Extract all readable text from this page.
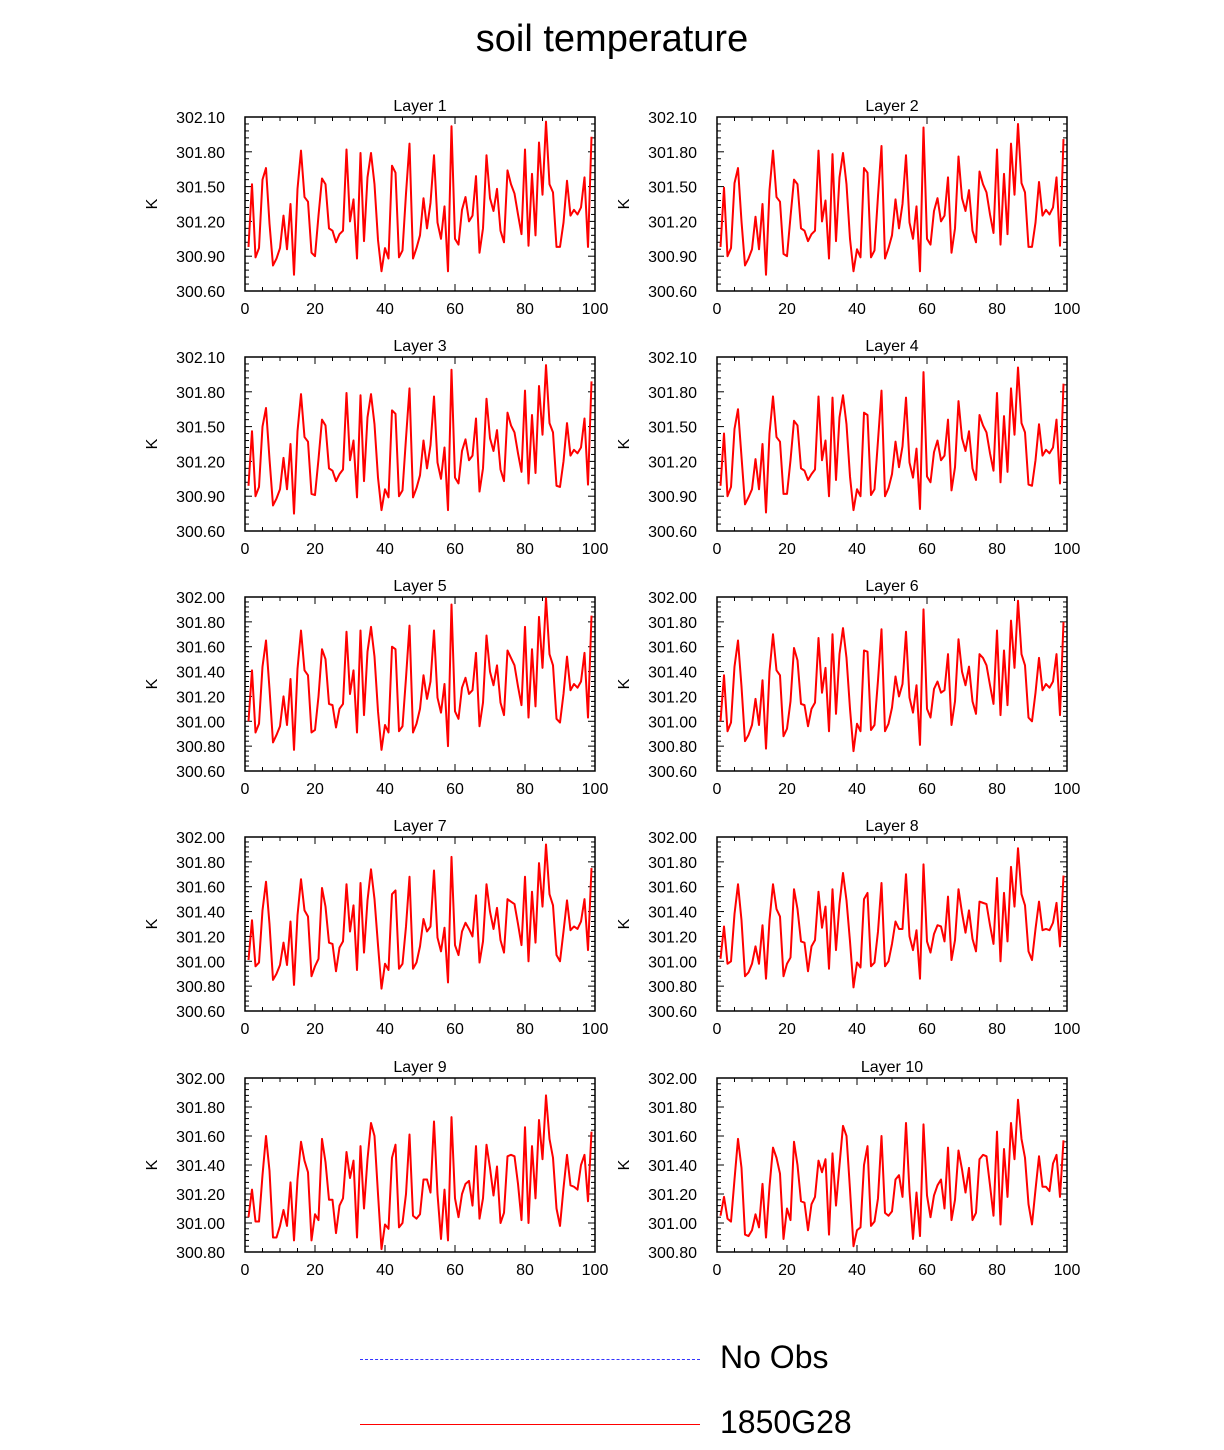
soil temperature
0	20	40	60	80	100
300.60
300.90
301.20
301.50
301.80
302.10
K
Layer 1
0	20	40	60	80	100
300.60
300.90
301.20
301.50
301.80
302.10
K
Layer 2
0	20	40	60	80	100
300.60
300.90
301.20
301.50
301.80
302.10
K
Layer 3
0	20	40	60	80	100
300.60
300.90
301.20
301.50
301.80
302.10
K
Layer 4
0	20	40	60	80	100
300.60
300.80
301.00
301.20
301.40
301.60
301.80
302.00
K
Layer 5
0	20	40	60	80	100
300.60
300.80
301.00
301.20
301.40
301.60
301.80
302.00
K
Layer 6
0	20	40	60	80	100
300.60
300.80
301.00
301.20
301.40
301.60
301.80
302.00
K
Layer 7
0	20	40	60	80	100
300.60
300.80
301.00
301.20
301.40
301.60
301.80
302.00
K
Layer 8
0	20	40	60	80	100
300.80
301.00
301.20
301.40
301.60
301.80
302.00
K
Layer 9
0	20	40	60	80	100
300.80
301.00
301.20
301.40
301.60
301.80
302.00
K
Layer 10
No Obs
1850G28
